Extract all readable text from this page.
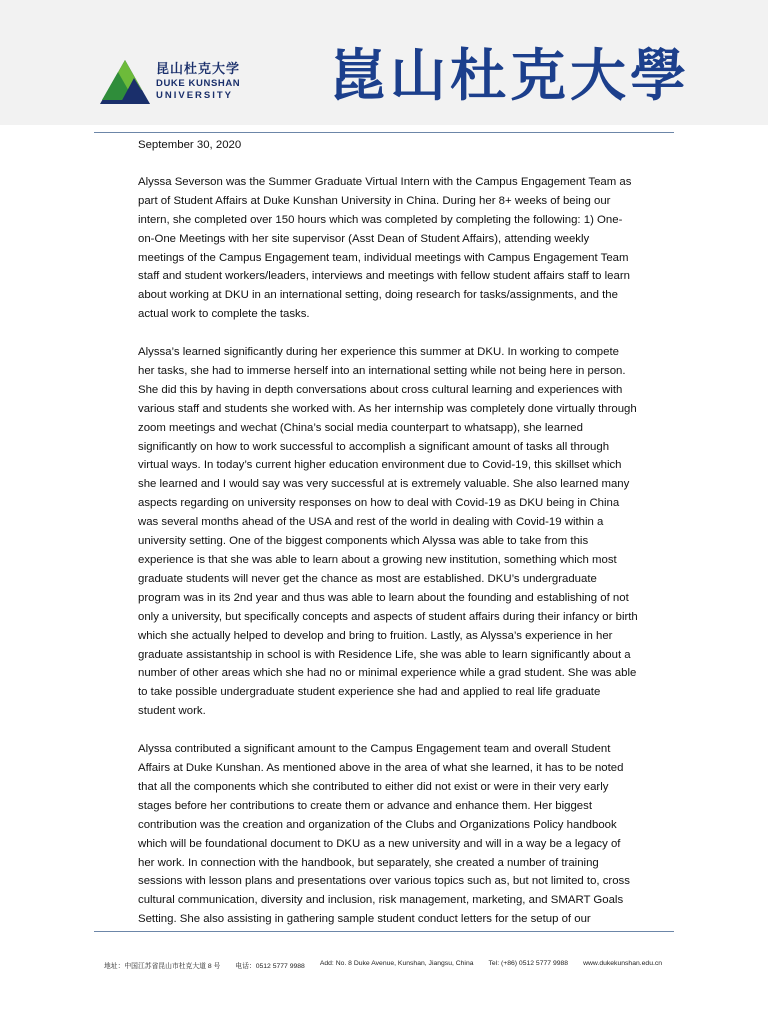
昆山杜克大学
DUKE KUNSHAN
UNIVERSITY 崑山杜克大學
September 30, 2020
Alyssa Severson was the Summer Graduate Virtual Intern with the Campus Engagement Team as part of Student Affairs at Duke Kunshan University in China. During her 8+ weeks of being our intern, she completed over 150 hours which was completed by completing the following: 1) One-on-One Meetings with her site supervisor (Asst Dean of Student Affairs), attending weekly meetings of the Campus Engagement team, individual meetings with Campus Engagement Team staff and student workers/leaders, interviews and meetings with fellow student affairs staff to learn about working at DKU in an international setting, doing research for tasks/assignments, and the actual work to complete the tasks.
Alyssa’s learned significantly during her experience this summer at DKU. In working to compete her tasks, she had to immerse herself into an international setting while not being here in person. She did this by having in depth conversations about cross cultural learning and experiences with various staff and students she worked with. As her internship was completely done virtually through zoom meetings and wechat (China’s social media counterpart to whatsapp), she learned significantly on how to work successful to accomplish a significant amount of tasks all through virtual ways. In today’s current higher education environment due to Covid-19, this skillset which she learned and I would say was very successful at is extremely valuable. She also learned many aspects regarding on university responses on how to deal with Covid-19 as DKU being in China was several months ahead of the USA and rest of the world in dealing with Covid-19 within a university setting. One of the biggest components which Alyssa was able to take from this experience is that she was able to learn about a growing new institution, something which most graduate students will never get the chance as most are established. DKU’s undergraduate program was in its 2nd year and thus was able to learn about the founding and establishing of not only a university, but specifically concepts and aspects of student affairs during their infancy or birth which she actually helped to develop and bring to fruition. Lastly, as Alyssa’s experience in her graduate assistantship in school is with Residence Life, she was able to learn significantly about a number of other areas which she had no or minimal experience while a grad student. She was able to take possible undergraduate student experience she had and applied to real life graduate student work.
Alyssa contributed a significant amount to the Campus Engagement team and overall Student Affairs at Duke Kunshan. As mentioned above in the area of what she learned, it has to be noted that all the components which she contributed to either did not exist or were in their very early stages before her contributions to create them or advance and enhance them. Her biggest contribution was the creation and organization of the Clubs and Organizations Policy handbook which will be foundational document to DKU as a new university and will in a way be a legacy of her work. In connection with the handbook, but separately, she created a number of training sessions with lesson plans and presentations over various topics such as, but not limited to, cross cultural communication, diversity and inclusion, risk management, marketing, and SMART Goals Setting. She also assisting in gathering sample student conduct letters for the setup of our
地址：中国江苏省昆山市杜克大道 8 号 电话：0512 5777 9988 Add: No. 8 Duke Avenue, Kunshan, Jiangsu, China Tel: (+86) 0512 5777 9988 www.dukekunshan.edu.cn
